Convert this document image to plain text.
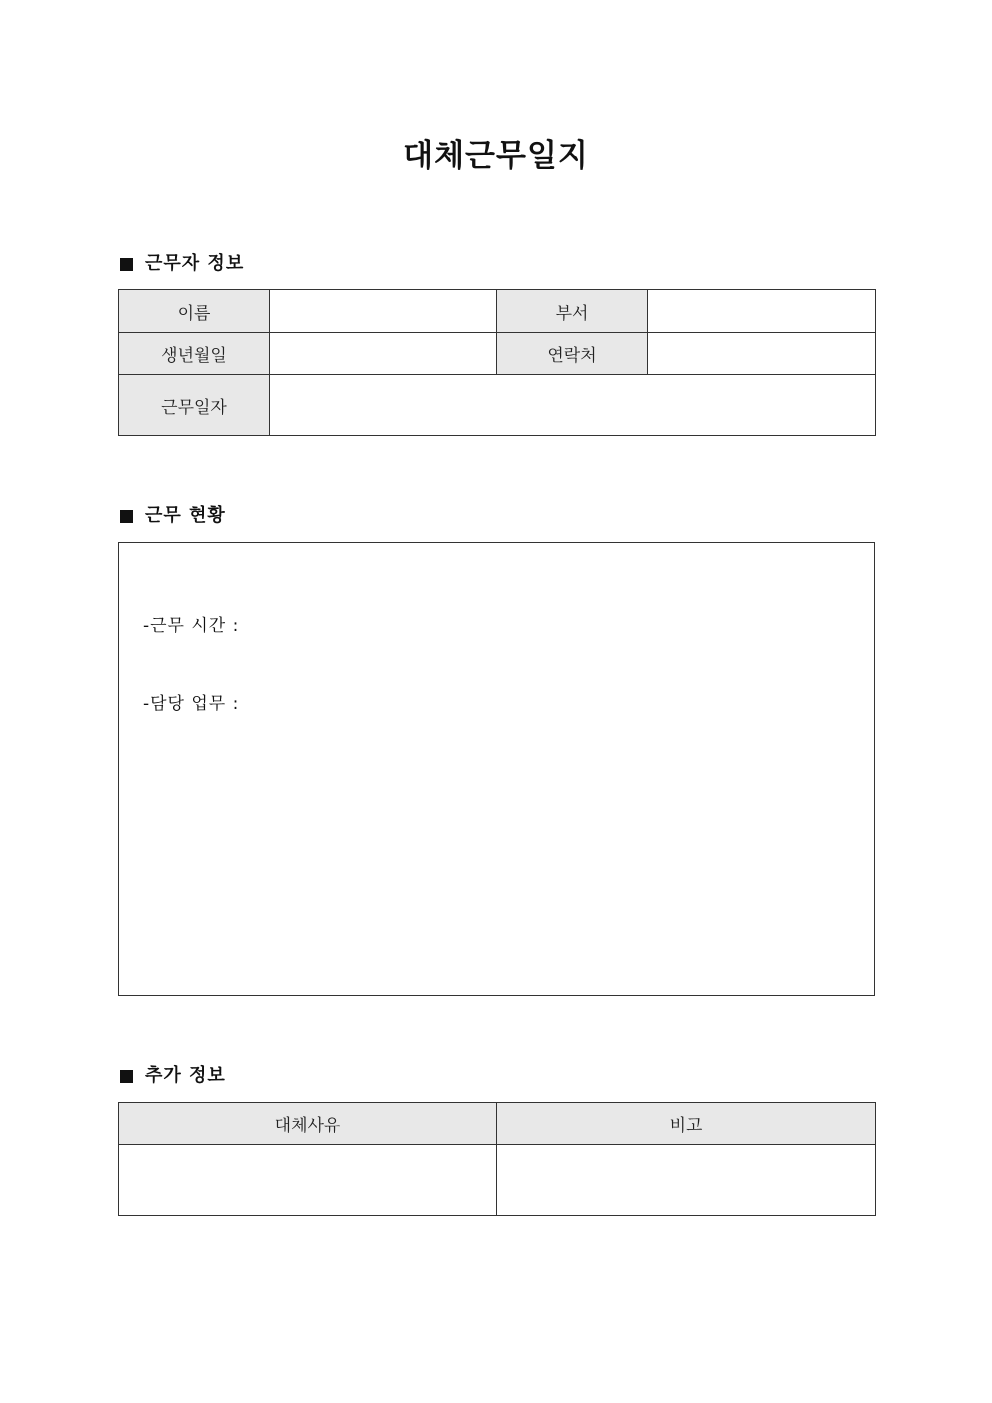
대체근무일지
근무자 정보
이름		부서	
생년월일		연락처	
근무일자			
근무 현황

-근무 시간 :

-담당 업무 :

추가 정보
대체사유	비고
